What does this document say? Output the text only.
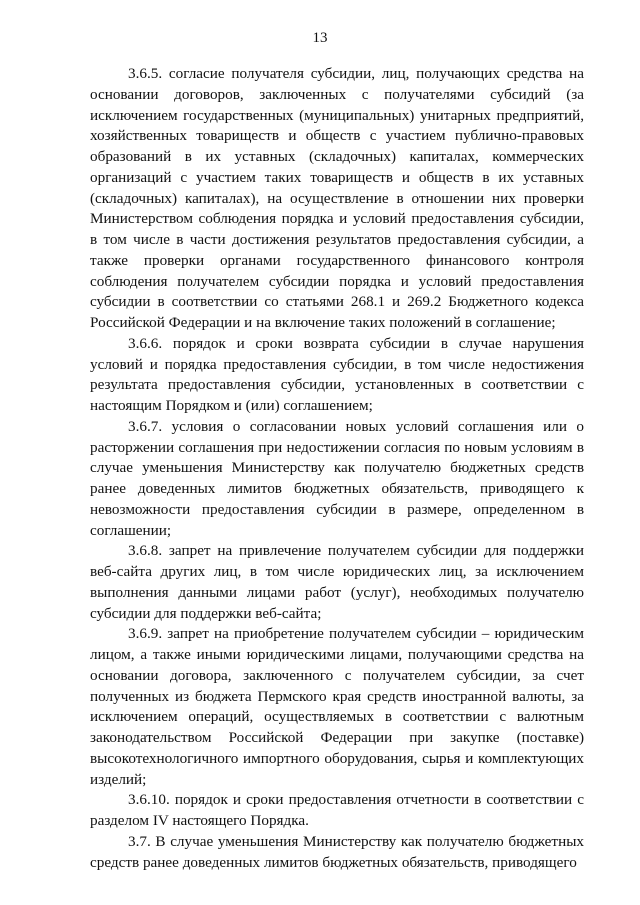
13

3.6.5. согласие получателя субсидии, лиц, получающих средства на основании договоров, заключенных с получателями субсидий (за исключением государственных (муниципальных) унитарных предприятий, хозяйственных товариществ и обществ с участием публично-правовых образований в их уставных (складочных) капиталах, коммерческих организаций с участием таких товариществ и обществ в их уставных (складочных) капиталах), на осуществление в отношении них проверки Министерством соблюдения порядка и условий предоставления субсидии, в том числе в части достижения результатов предоставления субсидии, а также проверки органами государственного финансового контроля соблюдения получателем субсидии порядка и условий предоставления субсидии в соответствии со статьями 268.1 и 269.2 Бюджетного кодекса Российской Федерации и на включение таких положений в соглашение;

3.6.6. порядок и сроки возврата субсидии в случае нарушения условий и порядка предоставления субсидии, в том числе недостижения результата предоставления субсидии, установленных в соответствии с настоящим Порядком и (или) соглашением;

3.6.7. условия о согласовании новых условий соглашения или о расторжении соглашения при недостижении согласия по новым условиям в случае уменьшения Министерству как получателю бюджетных средств ранее доведенных лимитов бюджетных обязательств, приводящего к невозможности предоставления субсидии в размере, определенном в соглашении;

3.6.8. запрет на привлечение получателем субсидии для поддержки веб-сайта других лиц, в том числе юридических лиц, за исключением выполнения данными лицами работ (услуг), необходимых получателю субсидии для поддержки веб-сайта;

3.6.9. запрет на приобретение получателем субсидии – юридическим лицом, а также иными юридическими лицами, получающими средства на основании договора, заключенного с получателем субсидии, за счет полученных из бюджета Пермского края средств иностранной валюты, за исключением операций, осуществляемых в соответствии с валютным законодательством Российской Федерации при закупке (поставке) высокотехнологичного импортного оборудования, сырья и комплектующих изделий;

3.6.10. порядок и сроки предоставления отчетности в соответствии с разделом IV настоящего Порядка.

3.7. В случае уменьшения Министерству как получателю бюджетных средств ранее доведенных лимитов бюджетных обязательств, приводящего
